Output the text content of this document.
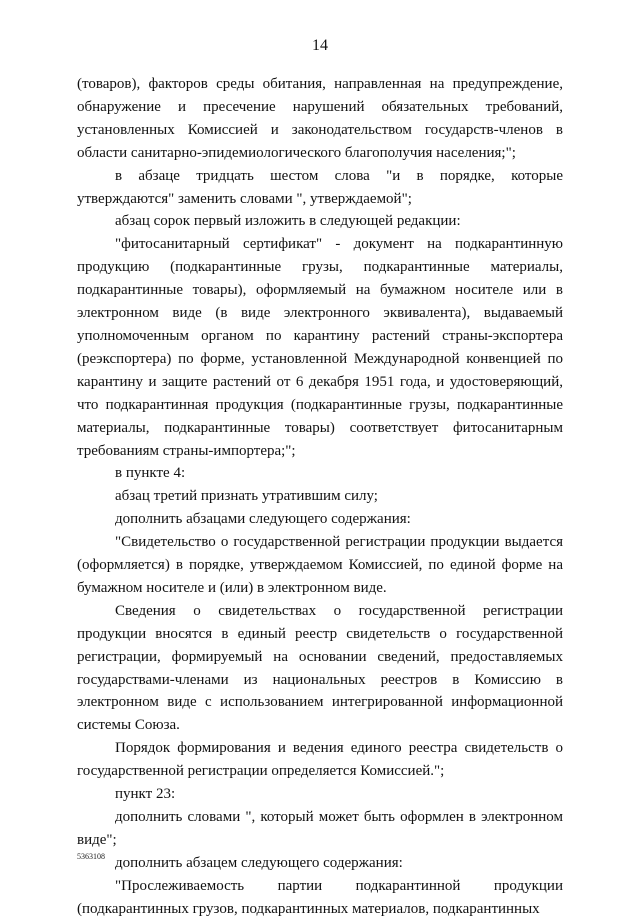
14

(товаров), факторов среды обитания, направленная на предупреждение, обнаружение и пресечение нарушений обязательных требований, установленных Комиссией и законодательством государств-членов в области санитарно-эпидемиологического благополучия населения;";

в абзаце тридцать шестом слова "и в порядке, которые утверждаются" заменить словами ", утверждаемой";

абзац сорок первый изложить в следующей редакции:

"фитосанитарный сертификат" - документ на подкарантинную продукцию (подкарантинные грузы, подкарантинные материалы, подкарантинные товары), оформляемый на бумажном носителе или в электронном виде (в виде электронного эквивалента), выдаваемый уполномоченным органом по карантину растений страны-экспортера (реэкспортера) по форме, установленной Международной конвенцией по карантину и защите растений от 6 декабря 1951 года, и удостоверяющий, что подкарантинная продукция (подкарантинные грузы, подкарантинные материалы, подкарантинные товары) соответствует фитосанитарным требованиям страны-импортера;";

в пункте 4:

абзац третий признать утратившим силу;

дополнить абзацами следующего содержания:

"Свидетельство о государственной регистрации продукции выдается (оформляется) в порядке, утверждаемом Комиссией, по единой форме на бумажном носителе и (или) в электронном виде.

Сведения о свидетельствах о государственной регистрации продукции вносятся в единый реестр свидетельств о государственной регистрации, формируемый на основании сведений, предоставляемых государствами-членами из национальных реестров в Комиссию в электронном виде с использованием интегрированной информационной системы Союза.

Порядок формирования и ведения единого реестра свидетельств о государственной регистрации определяется Комиссией.";

пункт 23:

дополнить словами ", который может быть оформлен в электронном виде";

дополнить абзацем следующего содержания:

"Прослеживаемость партии подкарантинной продукции (подкарантинных грузов, подкарантинных материалов, подкарантинных

5363108
